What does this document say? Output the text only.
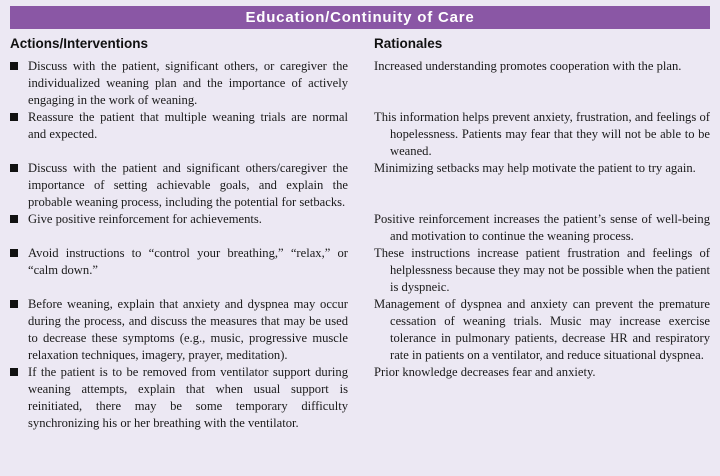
Education/Continuity of Care
Actions/Interventions	Rationales
Discuss with the patient, significant others, or caregiver the individualized weaning plan and the importance of actively engaging in the work of weaning.
Increased understanding promotes cooperation with the plan.
Reassure the patient that multiple weaning trials are normal and expected.
This information helps prevent anxiety, frustration, and feelings of hopelessness. Patients may fear that they will not be able to be weaned.
Discuss with the patient and significant others/caregiver the importance of setting achievable goals, and explain the probable weaning process, including the potential for setbacks.
Minimizing setbacks may help motivate the patient to try again.
Give positive reinforcement for achievements.	Positive reinforcement increases the patient’s sense of well-being and motivation to continue the weaning process.
Avoid instructions to “control your breathing,” “relax,” or “calm down.”
These instructions increase patient frustration and feelings of helplessness because they may not be possible when the patient is dyspneic.
Before weaning, explain that anxiety and dyspnea may occur during the process, and discuss the measures that may be used to decrease these symptoms (e.g., music, progressive muscle relaxation techniques, imagery, prayer, meditation).
Management of dyspnea and anxiety can prevent the premature cessation of weaning trials. Music may increase exercise tolerance in pulmonary patients, decrease HR and respiratory rate in patients on a ventilator, and reduce situational dyspnea.
If the patient is to be removed from ventilator support during weaning attempts, explain that when usual support is reinitiated, there may be some temporary difficulty synchronizing his or her breathing with the ventilator.
Prior knowledge decreases fear and anxiety.
